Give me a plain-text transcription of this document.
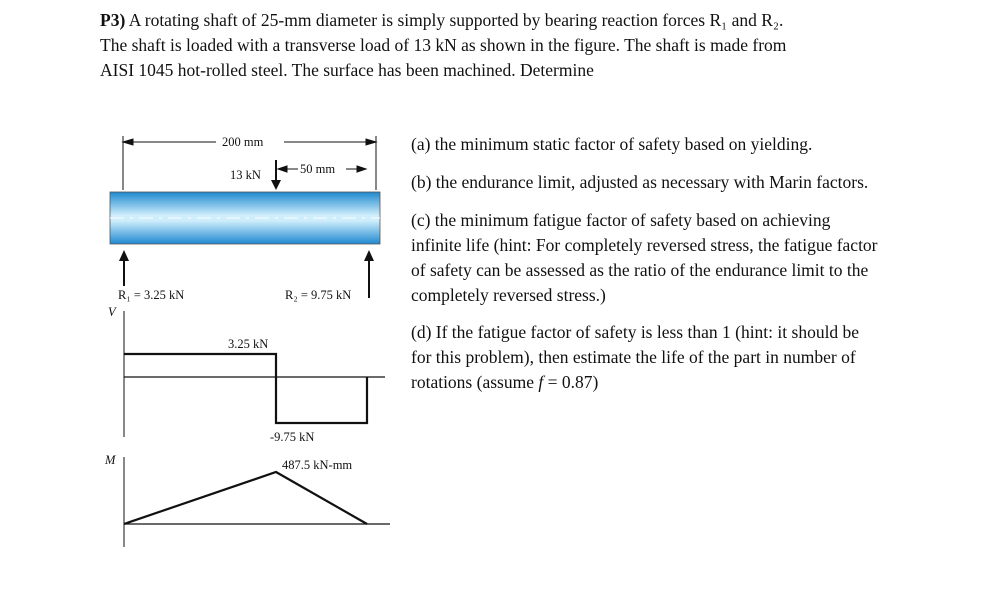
P3) A rotating shaft of 25-mm diameter is simply supported by bearing reaction forces R₁ and R₂.
The shaft is loaded with a transverse load of 13 kN as shown in the figure. The shaft is made from
AISI 1045 hot-rolled steel. The surface has been machined. Determine

(a) the minimum static factor of safety based on yielding.

(b) the endurance limit, adjusted as necessary with Marin factors.

(c) the minimum fatigue factor of safety based on achieving infinite life (hint: For completely reversed stress, the fatigue factor of safety can be assessed as the ratio of the endurance limit to the completely reversed stress.)

(d) If the fatigue factor of safety is less than 1 (hint: it should be for this problem), then estimate the life of the part in number of rotations (assume f = 0.87)

200 mm
50 mm
13 kN
R₁ = 3.25 kN	R₂ = 9.75 kN
V
3.25 kN
-9.75 kN
M	487.5 kN-mm
